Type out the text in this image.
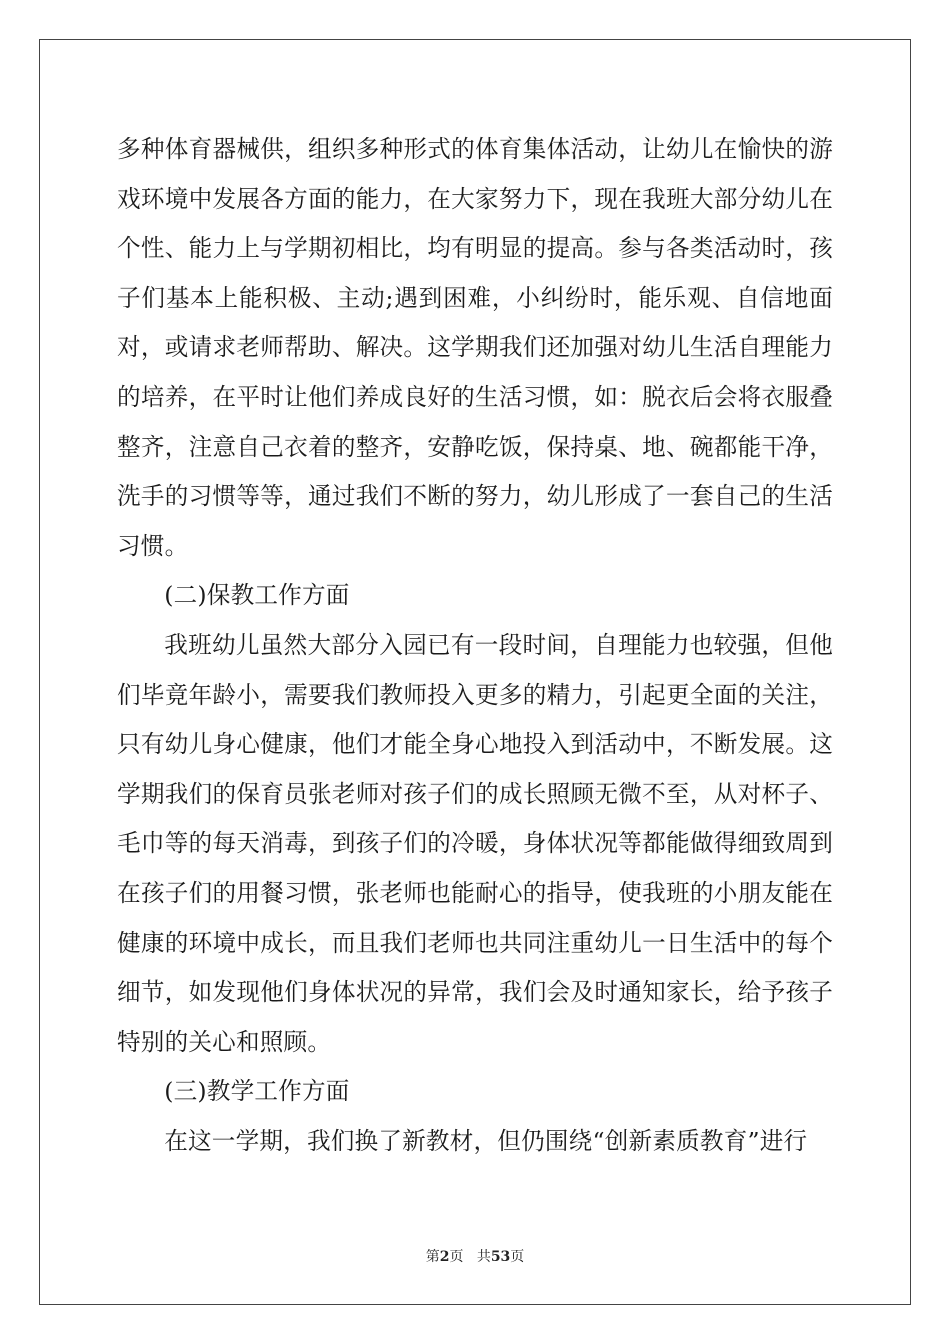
多种体育器械供，组织多种形式的体育集体活动，让幼儿在愉快的游戏环境中发展各方面的能力，在大家努力下，现在我班大部分幼儿在个性、能力上与学期初相比，均有明显的提高。参与各类活动时，孩子们基本上能积极、主动;遇到困难，小纠纷时，能乐观、自信地面对，或请求老师帮助、解决。这学期我们还加强对幼儿生活自理能力的培养，在平时让他们养成良好的生活习惯，如：脱衣后会将衣服叠整齐，注意自己衣着的整齐，安静吃饭，保持桌、地、碗都能干净，洗手的习惯等等，通过我们不断的努力，幼儿形成了一套自己的生活习惯。

(二)保教工作方面

我班幼儿虽然大部分入园已有一段时间，自理能力也较强，但他们毕竟年龄小，需要我们教师投入更多的精力，引起更全面的关注，只有幼儿身心健康，他们才能全身心地投入到活动中，不断发展。这学期我们的保育员张老师对孩子们的成长照顾无微不至，从对杯子、毛巾等的每天消毒，到孩子们的冷暖，身体状况等都能做得细致周到在孩子们的用餐习惯，张老师也能耐心的指导，使我班的小朋友能在健康的环境中成长，而且我们老师也共同注重幼儿一日生活中的每个细节，如发现他们身体状况的异常，我们会及时通知家长，给予孩子特别的关心和照顾。

(三)教学工作方面

在这一学期，我们换了新教材，但仍围绕“创新素质教育”进行

第2页 共53页
